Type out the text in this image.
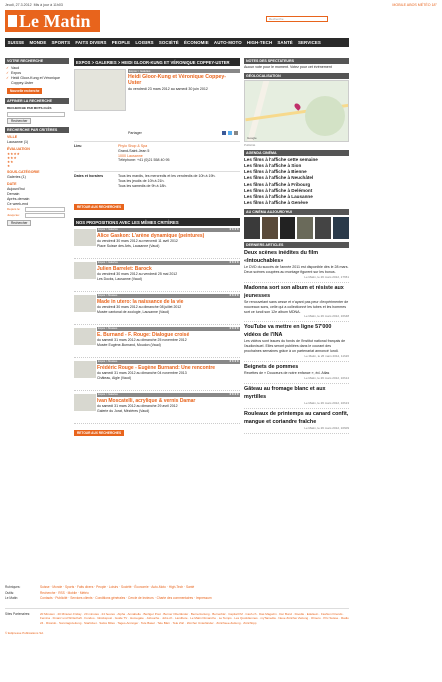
Jeudi, 27.3.2012 Mis à jour à 11h03	MOBILE ABOS MÉTÉO 18°
Le Matin	Recherche
SUISSE	MONDE	SPORTS	FAITS DIVERS	PEOPLE	LOISIRS	SOCIÉTÉ	ÉCONOMIE	AUTO-MOTO	HIGH-TECH	SANTÉ	SERVICES
VOTRE RECHERCHE
✓ Vaud
✓ Expos
✓ Heidi Gloor-Kung et Véronique Coppey-Uster
Nouvelle recherche
AFFINER LA RECHERCHE
RECHERCHE PAR MOTS-CLÉS
Rechercher
RECHERCHE PAR CRITÈRES
VILLE
Lausanne (1)
ÉVALUATION
★★★★
★★★
★★
★
SOUS-CATÉGORIE
Galeries (1)
DATE
Aujourd'hui
Demain
Après-demain
Ce week-end
Depuis le:
Jusqu'au:
Rechercher
EXPOS > GALERIES > HEIDI GLOOR-KUNG ET VÉRONIQUE COPPEY-USTER
Expos > Galeries
Heidi Gloor-Kung et Véronique Coppey-Uster
du vendredi 23 mars 2012 au samedi 30 juin 2012
Partager
Lieu	Phylo Shop & Spa
Grand-Saint-Jean 5
1000 Lausanne
Téléphone: +41 (0)21 558 40 95
Dates et horaires	Tous les mardis, les mercredis et les vendredis de 10h à 19h.
Tous les jeudis de 10h à 21h.
Tous les samedis de 9h à 18h.
RETOUR AUX RECHERCHES
NOS PROPOSITIONS AVEC LES MÊMES CRITÈRES
Expos > Galeries	★★★★
Alice Gaskon: L'arène dynamique (peintures)
du vendredi 30 mars 2012 au mercredi 11 avril 2012
Place Suisse des Arts, Lausanne (Vaud)
Expos > Galeries	★★★★
Julien Barrelet: Barock
du vendredi 30 mars 2012 au vendredi 25 mai 2012
Les Docks, Lausanne (Vaud)
Expos > Musées	★★★★
Made in utero: la naissance de la vie
du vendredi 30 mars 2012 au dimanche 08 juillet 2012
Musée cantonal de zoologie, Lausanne (Vaud)
Expos > Musées	★★★★
E. Burnand - F. Rouge: Dialogue croisé
du samedi 31 mars 2012 au dimanche 25 novembre 2012
Musée Eugène-Burnand, Moudon (Vaud)
Expos > Musées	★★★★
Frédéric Rouge - Eugène Burnand: Une rencontre
du samedi 31 mars 2012 au dimanche 04 novembre 2013
Château, Aigle (Vaud)
Expos > Galeries	★★★★
Ivan Moscatelli, acrylique & vernis Damar
du samedi 31 mars 2012 au dimanche 29 avril 2012
Galerie du Jorat, Mézières (Vaud)
RETOUR AUX RECHERCHES
NOTES DES SPECTATEURS
Aucun vote pour le moment. Votez pour cet événement
GÉOLOCALISATION
Google
Publicité
AGENDA CINÉMA
Les films à l'affiche cette semaine
Les films à l'affiche à Sion
Les films à l'affiche à Bienne
Les films à l'affiche à Neuchâtel
Les films à l'affiche à Fribourg
Les films à l'affiche à Delémont
Les films à l'affiche à Lausanne
Les films à l'affiche à Genève
AU CINÉMA AUJOURD'HUI
DERNIERS ARTICLES
Deux scènes inédites du film «Intouchables»
Le DVD du succès de l'année 2011 est disponible dès le 28 mars. Deux scènes coupées au montage figurent sur les bonus.
Le Matin, le 26 mars 2012, 17h51
Madonna sort son album et résiste aux jeunesses
Se renouvelant sans cesse et n'ayant pas peur d'expérimenter de nouveaux sons, celle qui a collectionné les tubes et les hommes sort ce lundi son 12e album MDNA.
Le Matin, le 26 mars 2012, 16h48
YouTube va mettre en ligne 57'000 vidéos de l'INA
Les vidéos sont issues du fonds de l'Institut national français de l'audiovisuel. Elles seront publiées dans le courant des prochaines semaines grâce à un partenariat annoncé lundi.
Le Matin, le 26 mars 2012, 11h26
Beignets de pommes
Recettes de « Douceurs de notre enfance », éd. Atlas
Le Matin, le 26 mars 2012, 10h14
Gâteau au fromage blanc et aux myrtilles
Le Matin, le 26 mars 2012, 10h13
Rouleaux de printemps au canard confit, mangue et coriandre fraîche
Le Matin, le 26 mars 2012, 10h09
Rubriques:	Suisse · Monde · Sports · Faits divers · People · Loisirs · Société · Économie · Auto-Moto · High-Tech · Santé
Outils:	Recherche · RSS · Mobile · Météo
Le Matin:	Contacts · Publicité · Services clients · Conditions générales · Cercle de lecteurs · Charte des commentaires · Impressum
Sites Partenaires:	20 Minuten · 20 Minuten Friday · 20 minutes · 24 heures · Alpha · Annabelle · Berliger Post · Berner Oberländer · Bernerzeitung · Bernerbär · Capital FM · Cash.ch · Das Magazin · Der Bund · Doodle · Edelsein · Fashion Friends · Femina · Finanz und Wirtschaft · Fundoo · Glückspost · Guide TV · Homegate · Jobsuche · Jobs.ch · Landbote · Le Matin Dimanche · Le Temps · Les Quotidiennes · myTamedia · Neue Züricher Zeitung · Olmero · Prix Suisse · Radio 24 · Ricardo · Sonntagszeitung · Starticket · Swiss Miles · Tages-Anzeiger · Tele Basel · Tele Bärn · Tele Züri · Zürcher Unterländer · Zürichsee-Zeitung · Zürichtipp
© Edipresse Publications SA
